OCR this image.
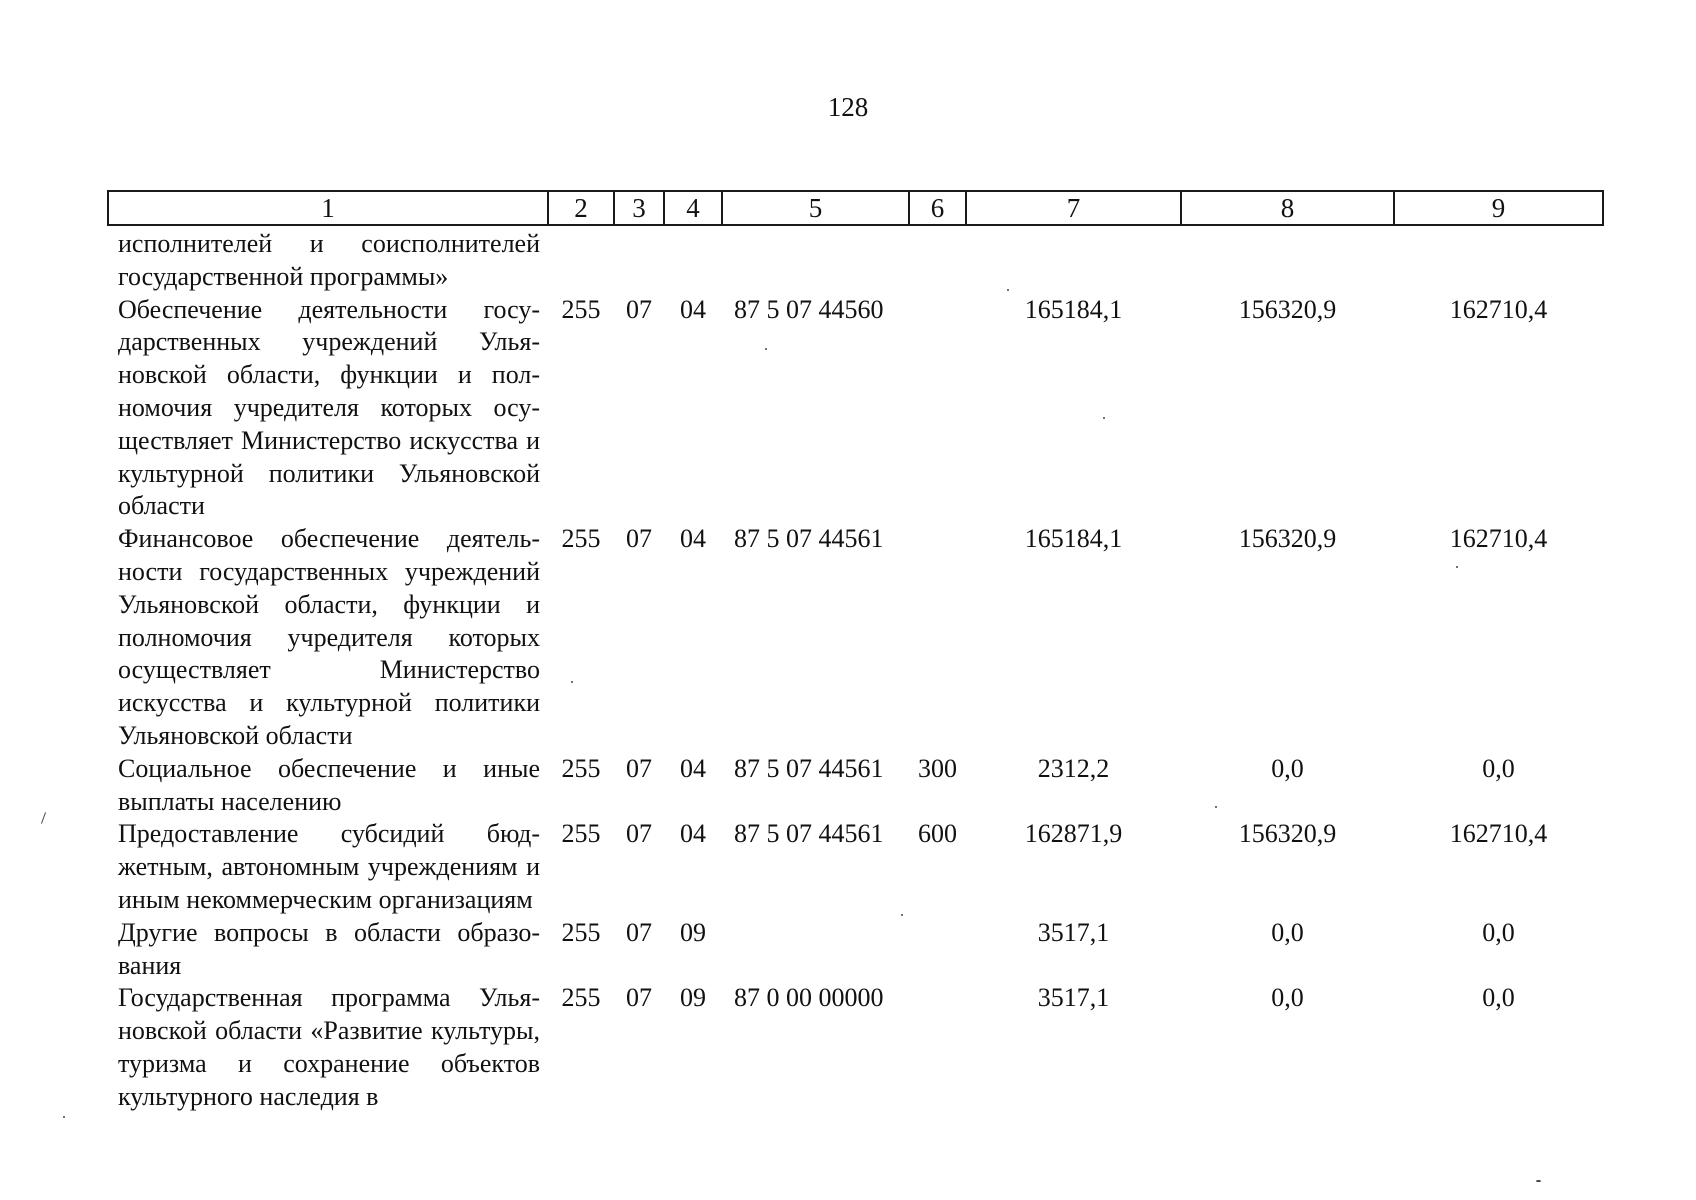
128
1	2	3	4	5	6	7	8	9
исполнителей и соисполнителей государственной программы»								
Обеспечение деятельности государственных учреждений Ульяновской области, функции и полномочия учредителя которых осуществляет Министерство искусства и культурной политики Ульяновской области	255	07	04	87 5 07 44560		165184,1	156320,9	162710,4
Финансовое обеспечение деятельности государственных учреждений Ульяновской области, функции и полномочия учредителя которых осуществляет Министерство искусства и культурной политики Ульяновской области	255	07	04	87 5 07 44561		165184,1	156320,9	162710,4
Социальное обеспечение и иные выплаты населению	255	07	04	87 5 07 44561	300	2312,2	0,0	0,0
Предоставление субсидий бюджетным, автономным учреждениям и иным некоммерческим организациям	255	07	04	87 5 07 44561	600	162871,9	156320,9	162710,4
Другие вопросы в области образования	255	07	09			3517,1	0,0	0,0
Государственная программа Ульяновской области «Развитие культуры, туризма и сохранение объектов культурного наследия в	255	07	09	87 0 00 00000		3517,1	0,0	0,0
